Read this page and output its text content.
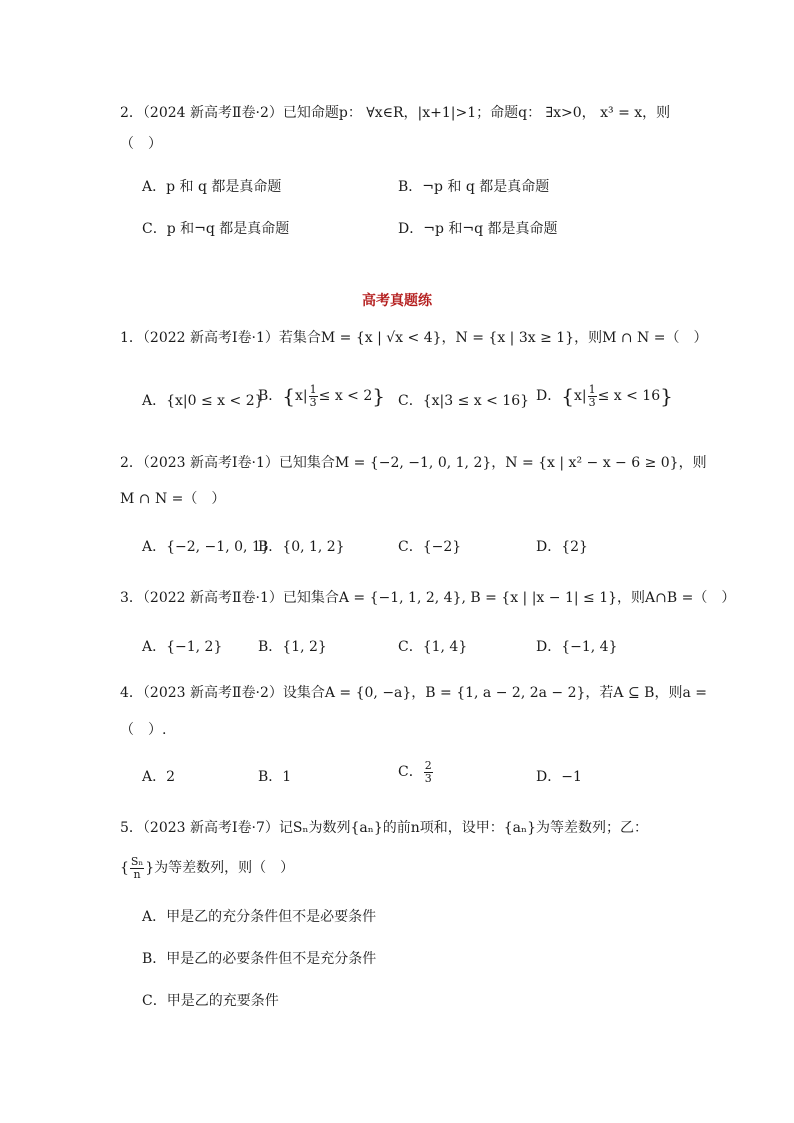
2．（2024 新高考Ⅱ卷·2）已知命题p： ∀x∈R，|x+1|>1；命题q： ∃x>0， x³ = x，则
（　）
A．p 和 q 都是真命题	B．¬p 和 q 都是真命题
C．p 和¬q 都是真命题	D．¬p 和¬q 都是真命题
高考真题练
1．（2022 新高考Ⅰ卷·1）若集合M = {x | √x < 4}，N = {x | 3x ≥ 1}，则M ∩ N =（　）
A．{x|0 ≤ x < 2}
B．$\{x| \frac{1}{3} \le x < 2\}$ C．{x|3 ≤ x < 16} D．$\{x| \frac{1}{3} \le x < 16\}$
2．（2023 新高考Ⅰ卷·1）已知集合M = {−2, −1, 0, 1, 2}，N = {x | x² − x − 6 ≥ 0}，则
M ∩ N =（　）
A．{−2, −1, 0, 1}
B．{0, 1, 2}	C．{−2}	D．{2}
3．（2022 新高考Ⅱ卷·1）已知集合A = {−1, 1, 2, 4}, B = {x | |x − 1| ≤ 1}，则A∩B =（　）
A．{−1, 2}	B．{1, 2}	C．{1, 4}	D．{−1, 4}
4．（2023 新高考Ⅱ卷·2）设集合A = {0, −a}，B = {1, a − 2, 2a − 2}，若A ⊆ B，则a =
（　）.
A．2	B．1	C． $\frac{2}{3}$	D．−1
5．（2023 新高考Ⅰ卷·7）记Sₙ为数列{aₙ}的前n项和，设甲：{aₙ}为等差数列；乙：
{ $\frac{\text{Sₙ}}{n}$ }为等差数列，则（　）
A．甲是乙的充分条件但不是必要条件
B．甲是乙的必要条件但不是充分条件
C．甲是乙的充要条件
